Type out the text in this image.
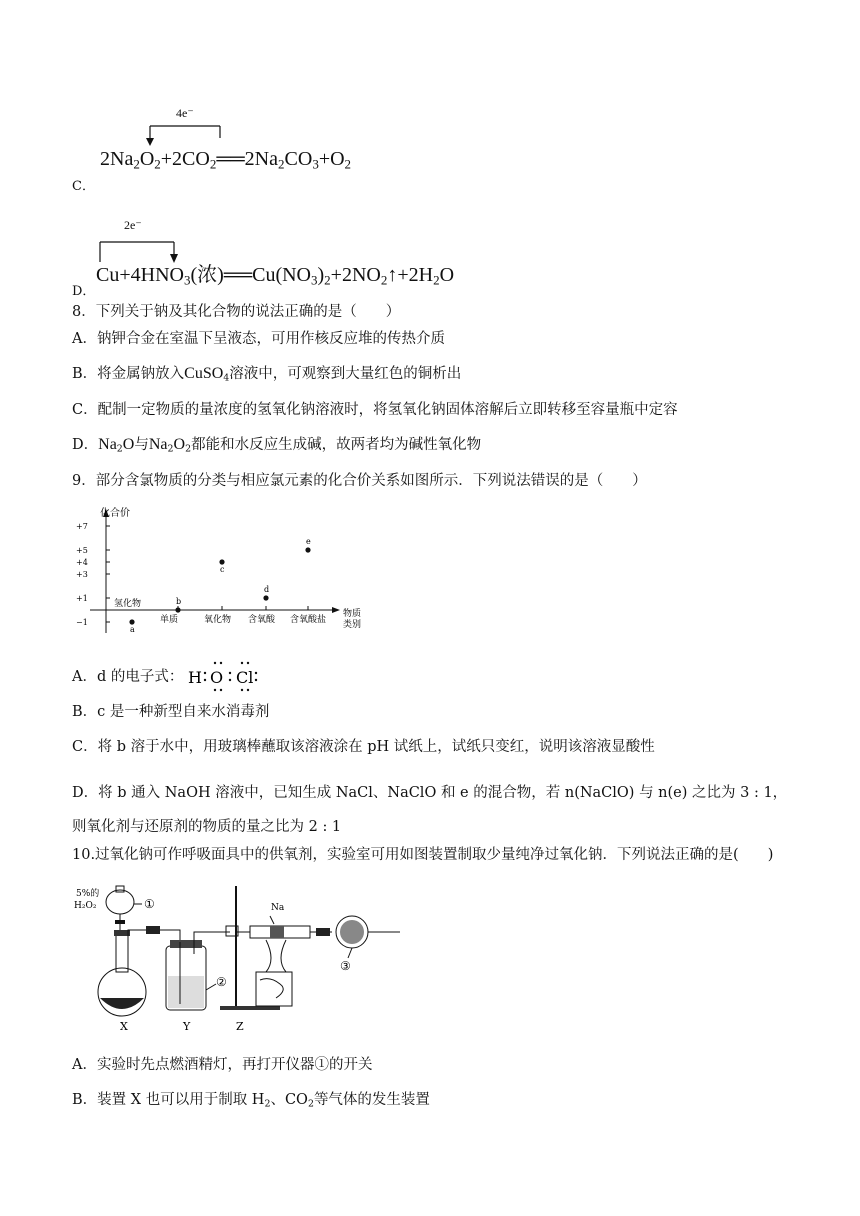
4e⁻
$2Na_2O_2+2CO_2══2Na_2CO_3+O_2$
C．
2e⁻
$Cu+4HNO_3$(浓)$══Cu(NO_3)_2+2NO_2↑+2H_2O$
D．
8．下列关于钠及其化合物的说法正确的是（　　）
A．钠钾合金在室温下呈液态，可用作核反应堆的传热介质
B．将金属钠放入CuSO$_4$溶液中，可观察到大量红色的铜析出
C．配制一定物质的量浓度的氢氧化钠溶液时，将氢氧化钠固体溶解后立即转移至容量瓶中定容
D．$Na_2O$与$Na_2O_2$都能和水反应生成碱，故两者均为碱性氧化物
9．部分含氯物质的分类与相应氯元素的化合价关系如图所示．下列说法错误的是（　　）
+7
+5
+4
+3
+1
−1
氢化物
单质	氧化物 含氧酸 含氧酸盐
a
b
c
d
e
化合价
物质
类别
A．d 的电子式： H O Cl
B．c 是一种新型自来水消毒剂
C．将 b 溶于水中，用玻璃棒蘸取该溶液涂在 pH 试纸上，试纸只变红，说明该溶液显酸性
D．将 b 通入 NaOH 溶液中，已知生成 NaCl、NaClO 和 e 的混合物，若 n(NaClO) 与 n(e) 之比为 3 : 1，
则氧化剂与还原剂的物质的量之比为 2 : 1
10.过氧化钠可作呼吸面具中的供氧剂，实验室可用如图装置制取少量纯净过氧化钠．下列说法正确的是(　　)
5%的
H₂O₂	①
X
②
Y
Na
Z
③
A．实验时先点燃酒精灯，再打开仪器①的开关
B．装置 X 也可以用于制取 $H_2$、$CO_2$等气体的发生装置
